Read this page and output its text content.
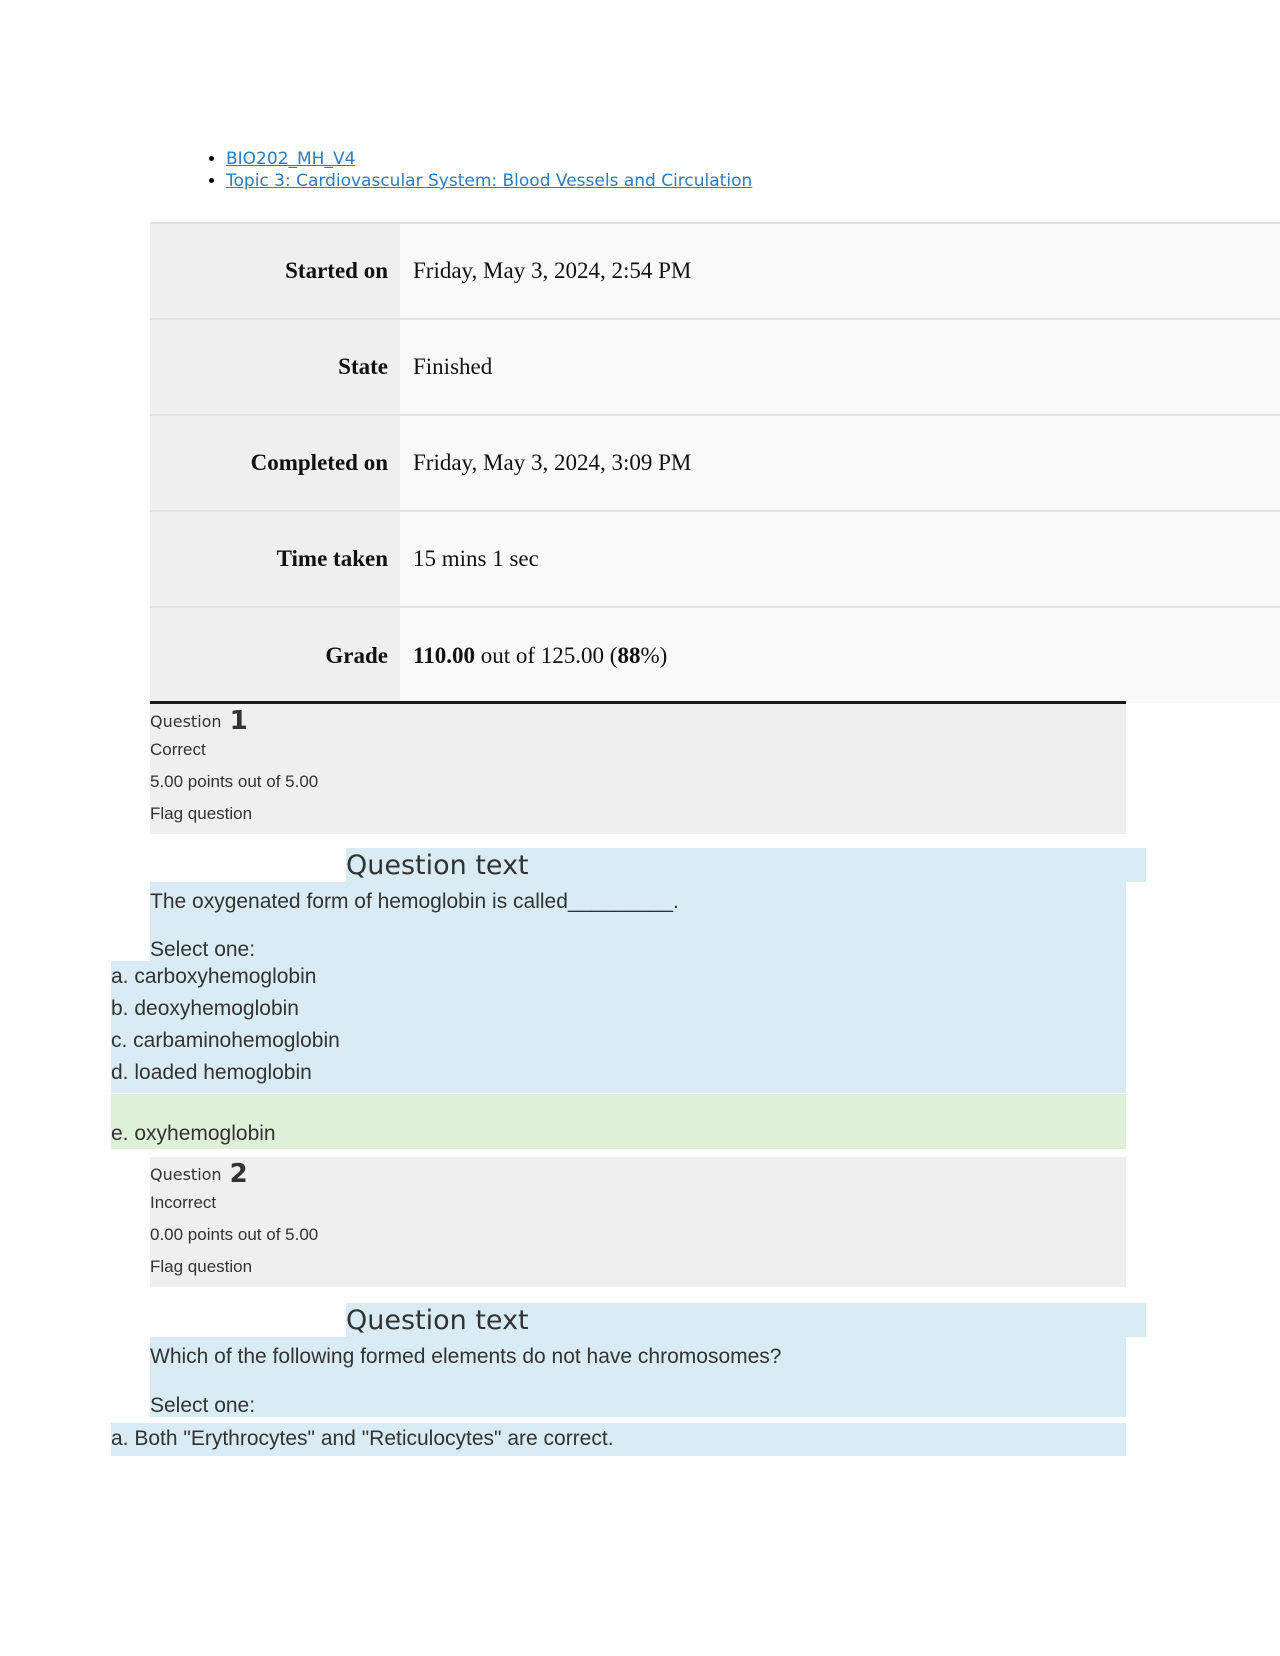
• BIO202_MH_V4
• Topic 3: Cardiovascular System: Blood Vessels and Circulation
Started on	Friday, May 3, 2024, 2:54 PM
State	Finished
Completed on	Friday, May 3, 2024, 3:09 PM
Time taken	15 mins 1 sec
Grade	110.00 out of 125.00 (88%)
Question 1
Correct
5.00 points out of 5.00
Flag question
Question text
The oxygenated form of hemoglobin is called_________.
Select one:
a. carboxyhemoglobin
b. deoxyhemoglobin
c. carbaminohemoglobin
d. loaded hemoglobin
e. oxyhemoglobin
Question 2
Incorrect
0.00 points out of 5.00
Flag question
Question text
Which of the following formed elements do not have chromosomes?
Select one:
a. Both "Erythrocytes" and "Reticulocytes" are correct.
